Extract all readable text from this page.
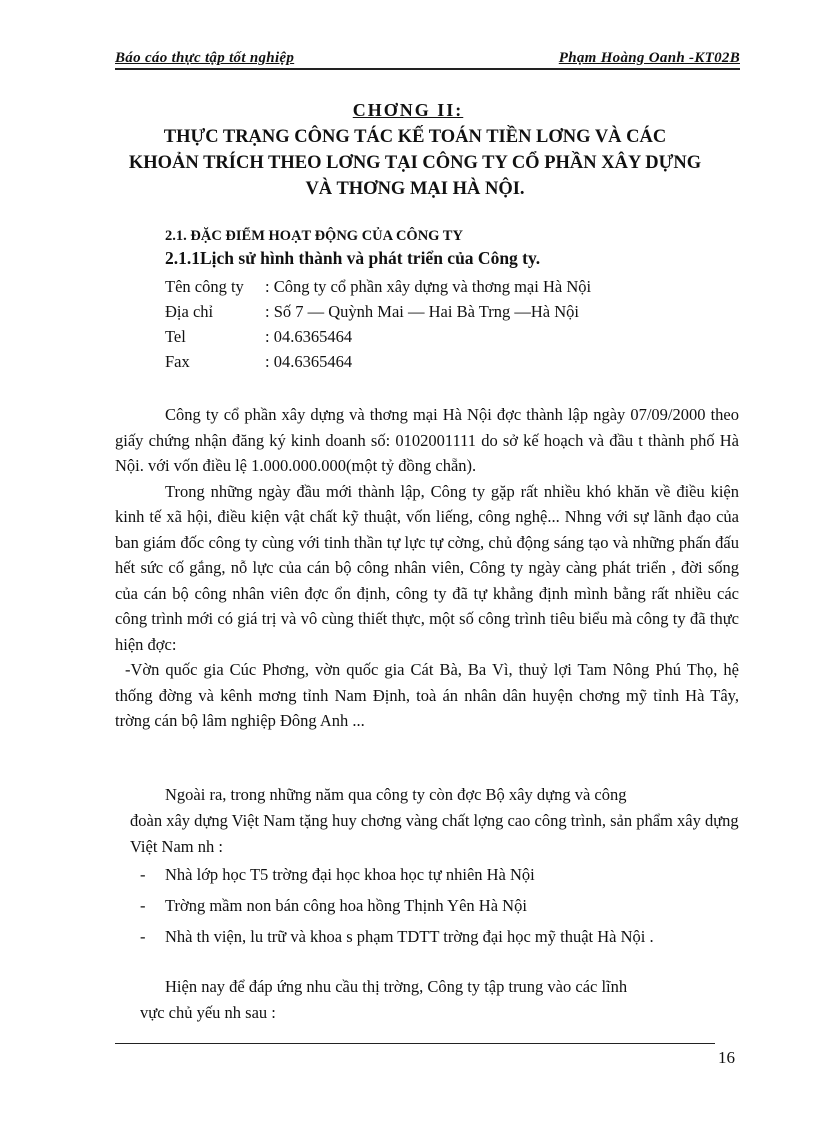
Báo cáo thực tập tốt nghiệp	Phạm Hoàng Oanh -KT02B
CHƠNG II:
THỰC TRẠNG CÔNG TÁC KẾ TOÁN TIỀN LƠNG VÀ CÁC
KHOẢN TRÍCH THEO LƠNG TẠI CÔNG TY CỔ PHẦN XÂY DỰNG
VÀ THƠNG MẠI HÀ NỘI.
2.1. ĐẶC ĐIỂM HOẠT ĐỘNG CỦA CÔNG TY
2.1.1Lịch sử hình thành và phát triển của Công ty.
Tên công ty	: Công ty cổ phần xây dựng và thơng mại Hà Nội
Địa chỉ	: Số 7 — Quỳnh Mai — Hai Bà Trng —Hà Nội
Tel	: 04.6365464
Fax	: 04.6365464

Công ty cổ phần xây dựng và thơng mại Hà Nội đợc thành lập ngày 07/09/2000 theo giấy chứng nhận đăng ký kinh doanh số: 0102001111 do sở kế hoạch và đầu t thành phố Hà Nội. với vốn điều lệ 1.000.000.000(một tỷ đồng chẵn).

Trong những ngày đầu mới thành lập, Công ty gặp rất nhiều khó khăn về điều kiện kinh tế xã hội, điều kiện vật chất kỹ thuật, vốn liếng, công nghệ... Nhng với sự lãnh đạo của ban giám đốc công ty cùng với tinh thần tự lực tự cờng, chủ động sáng tạo và những phấn đấu hết sức cố gắng, nỗ lực của cán bộ công nhân viên, Công ty ngày càng phát triển , đời sống của cán bộ công nhân viên đợc ổn định, công ty đã tự khẳng định mình bằng rất nhiều các công trình mới có giá trị và vô cùng thiết thực, một số công trình tiêu biểu mà công ty đã thực hiện đợc:

-Vờn quốc gia Cúc Phơng, vờn quốc gia Cát Bà, Ba Vì, thuỷ lợi Tam Nông Phú Thọ, hệ thống đờng và kênh mơng tỉnh Nam Định, toà án nhân dân huyện chơng mỹ tỉnh Hà Tây, trờng cán bộ lâm nghiệp Đông Anh ...

Ngoài ra, trong những năm qua công ty còn đợc Bộ xây dựng và công

đoàn xây dựng Việt Nam tặng huy chơng vàng chất lợng cao công trình, sản phẩm xây dựng Việt Nam nh :

-	Nhà lớp học T5 trờng đại học khoa học tự nhiên Hà Nội
-	Trờng mầm non bán công hoa hồng Thịnh Yên Hà Nội
-	Nhà th viện, lu trữ và khoa s phạm TDTT trờng đại học mỹ thuật Hà Nội .

Hiện nay để đáp ứng nhu cầu thị trờng, Công ty tập trung vào các lĩnh

vực chủ yếu nh sau :

16
